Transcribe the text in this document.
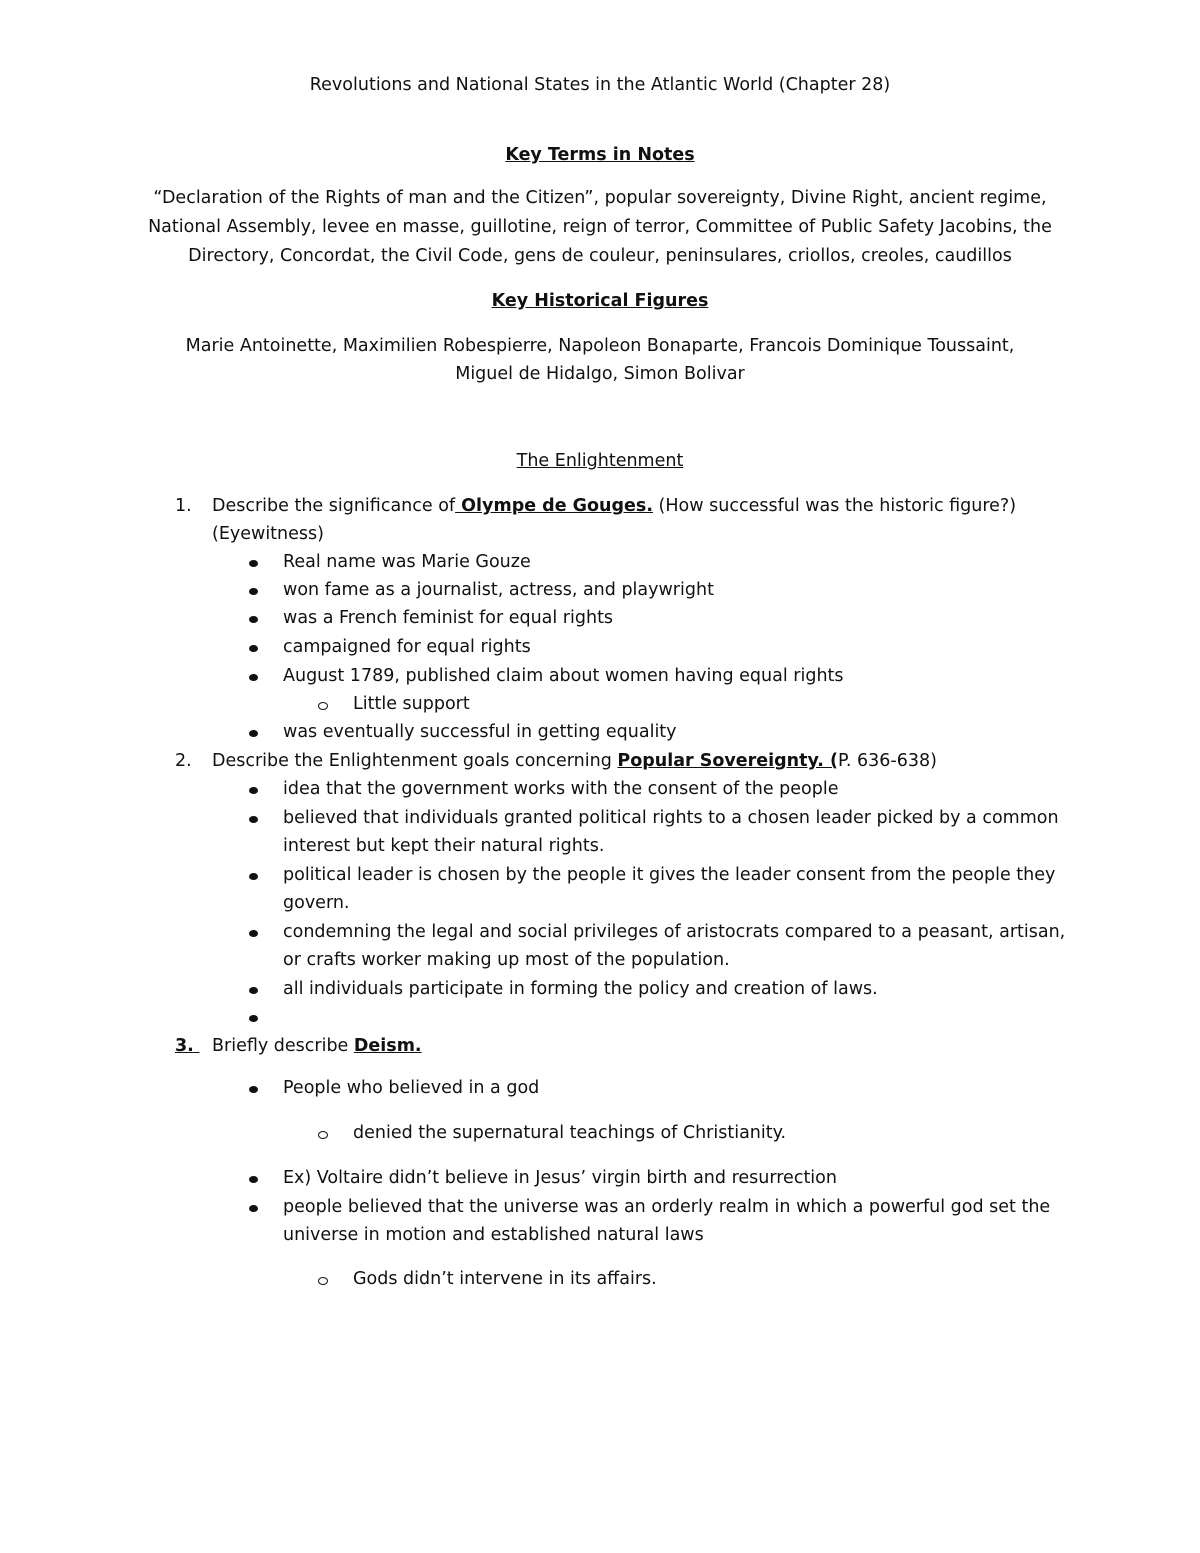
Revolutions and National States in the Atlantic World (Chapter 28)
Key Terms in Notes
“Declaration of the Rights of man and the Citizen”, popular sovereignty, Divine Right, ancient regime,
National Assembly, levee en masse, guillotine, reign of terror, Committee of Public Safety Jacobins, the
Directory, Concordat, the Civil Code, gens de couleur, peninsulares, criollos, creoles, caudillos
Key Historical Figures
Marie Antoinette, Maximilien Robespierre, Napoleon Bonaparte, Francois Dominique Toussaint,
Miguel de Hidalgo, Simon Bolivar
The Enlightenment
1. Describe the significance of Olympe de Gouges. (How successful was the historic figure?)
(Eyewitness)
Real name was Marie Gouze
won fame as a journalist, actress, and playwright
was a French feminist for equal rights
campaigned for equal rights
August 1789, published claim about women having equal rights
Little support
was eventually successful in getting equality
2. Describe the Enlightenment goals concerning Popular Sovereignty. (P. 636-638)
idea that the government works with the consent of the people
believed that individuals granted political rights to a chosen leader picked by a common
interest but kept their natural rights.
political leader is chosen by the people it gives the leader consent from the people they
govern.
condemning the legal and social privileges of aristocrats compared to a peasant, artisan,
or crafts worker making up most of the population.
all individuals participate in forming the policy and creation of laws.
3.	Briefly describe Deism.
People who believed in a god
denied the supernatural teachings of Christianity.
Ex) Voltaire didn’t believe in Jesus’ virgin birth and resurrection
people believed that the universe was an orderly realm in which a powerful god set the
universe in motion and established natural laws
Gods didn’t intervene in its affairs.
